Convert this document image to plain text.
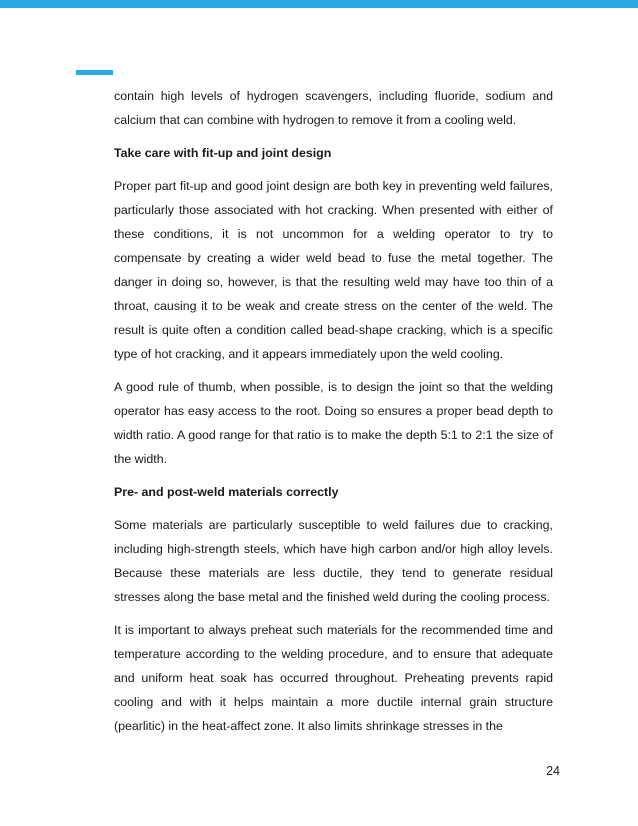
contain high levels of hydrogen scavengers, including fluoride, sodium and calcium that can combine with hydrogen to remove it from a cooling weld.

Take care with fit-up and joint design

Proper part fit-up and good joint design are both key in preventing weld failures, particularly those associated with hot cracking. When presented with either of these conditions, it is not uncommon for a welding operator to try to compensate by creating a wider weld bead to fuse the metal together. The danger in doing so, however, is that the resulting weld may have too thin of a throat, causing it to be weak and create stress on the center of the weld. The result is quite often a condition called bead-shape cracking, which is a specific type of hot cracking, and it appears immediately upon the weld cooling.

A good rule of thumb, when possible, is to design the joint so that the welding operator has easy access to the root. Doing so ensures a proper bead depth to width ratio. A good range for that ratio is to make the depth 5:1 to 2:1 the size of the width.

Pre- and post-weld materials correctly

Some materials are particularly susceptible to weld failures due to cracking, including high-strength steels, which have high carbon and/or high alloy levels. Because these materials are less ductile, they tend to generate residual stresses along the base metal and the finished weld during the cooling process.

It is important to always preheat such materials for the recommended time and temperature according to the welding procedure, and to ensure that adequate and uniform heat soak has occurred throughout. Preheating prevents rapid cooling and with it helps maintain a more ductile internal grain structure (pearlitic) in the heat-affect zone. It also limits shrinkage stresses in the

24
